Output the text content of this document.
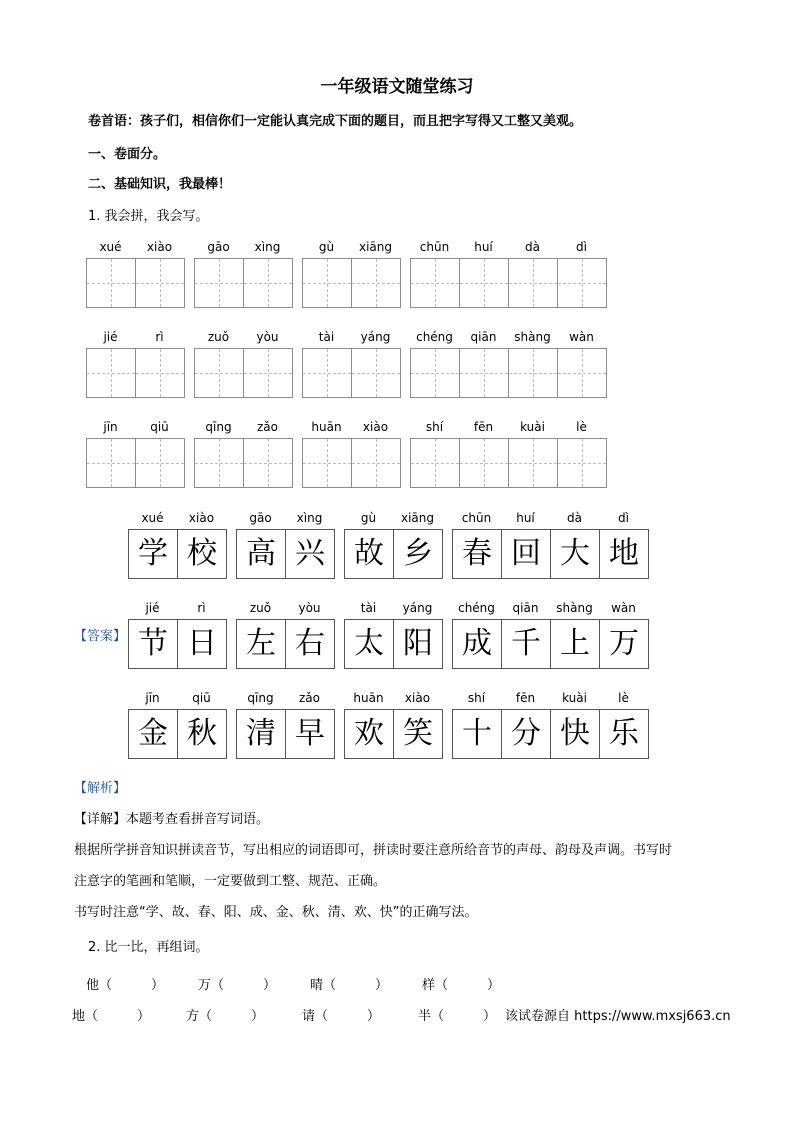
一年级语文随堂练习
卷首语：孩子们，相信你们一定能认真完成下面的题目，而且把字写得又工整又美观。
一、卷面分。
二、基础知识，我最棒！
1. 我会拼，我会写。
xué	xiào	gāo	xìng	gù	xiāng	chūn	huí	dà	dì
jié	rì	zuǒ	yòu	tài	yáng	chéng	qiān	shàng	wàn
jīn	qiū	qīng	zǎo	huān	xiào	shí	fēn	kuài	lè
【答案】
xué	xiào
学 校
gāo	xìng
高 兴
gù	xiāng
故 乡
chūn	huí	dà	dì
春 回 大 地
jié	rì
节 日
zuǒ	yòu
左 右
tài	yáng
太 阳
chéng	qiān	shàng	wàn
成 千 上 万
jīn	qiū
金 秋
qīng	zǎo
清 早
huān	xiào
欢 笑
shí	fēn	kuài	lè
十 分 快 乐
【解析】
【详解】本题考查看拼音写词语。
根据所学拼音知识拼读音节，写出相应的词语即可，拼读时要注意所给音节的声母、韵母及声调。书写时
注意字的笔画和笔顺，一定要做到工整、规范、正确。
书写时注意“学、故、春、阳、成、金、秋、清、欢、快”的正确写法。
2. 比一比，再组词。
他（　　　）	万（　　　）	晴（　　　）	样（　　　）
地（　　　）	方（　　　）	请（　　　）	半（　　　） 该试卷源自 https://www.mxsj663.cn
